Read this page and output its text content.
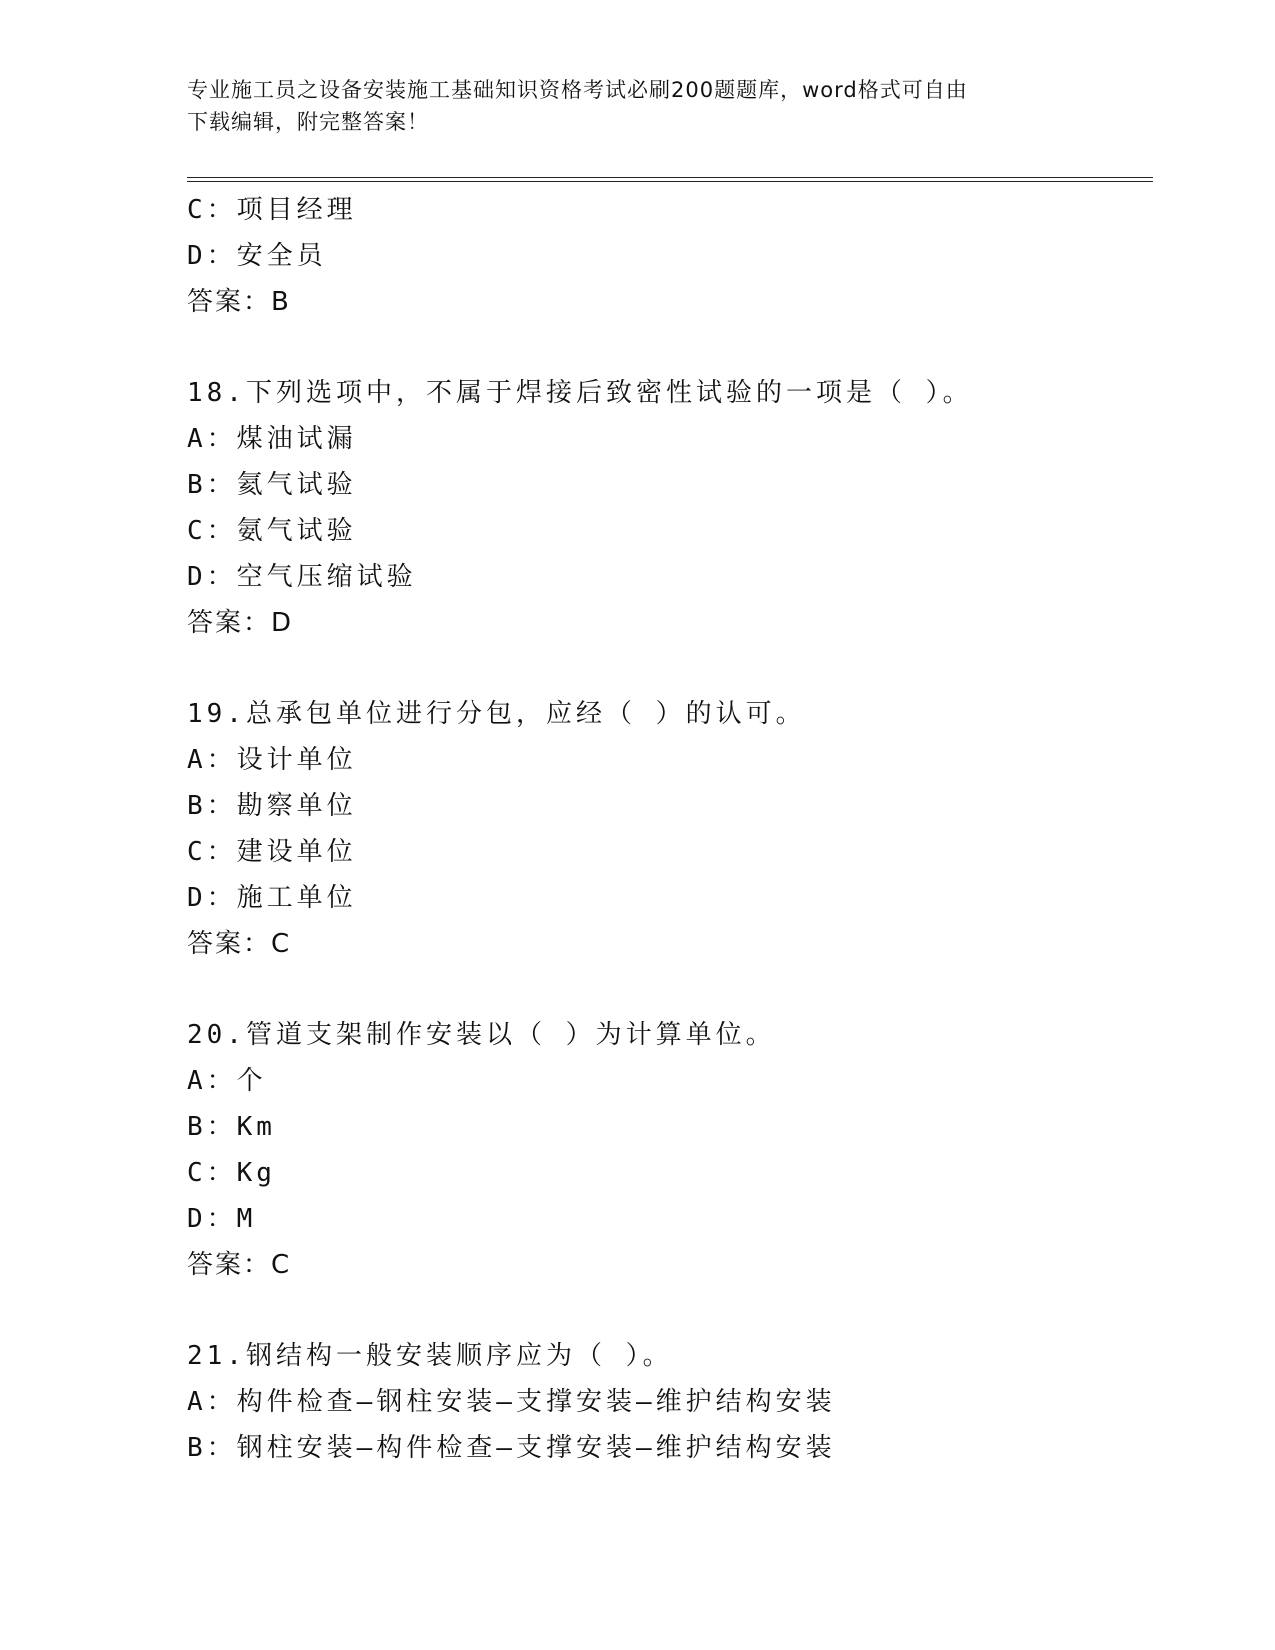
专业施工员之设备安装施工基础知识资格考试必刷200题题库，word格式可自由
下载编辑，附完整答案！
C：项目经理
D：安全员
答案：B
18.下列选项中，不属于焊接后致密性试验的一项是（ ）。
A：煤油试漏
B：氦气试验
C：氨气试验
D：空气压缩试验
答案：D
19.总承包单位进行分包，应经（ ）的认可。
A：设计单位
B：勘察单位
C：建设单位
D：施工单位
答案：C
20.管道支架制作安装以（ ）为计算单位。
A：个
B：Km
C：Kg
D：M
答案：C
21.钢结构一般安装顺序应为（ ）。
A：构件检查—钢柱安装—支撑安装—维护结构安装
B：钢柱安装—构件检查—支撑安装—维护结构安装
